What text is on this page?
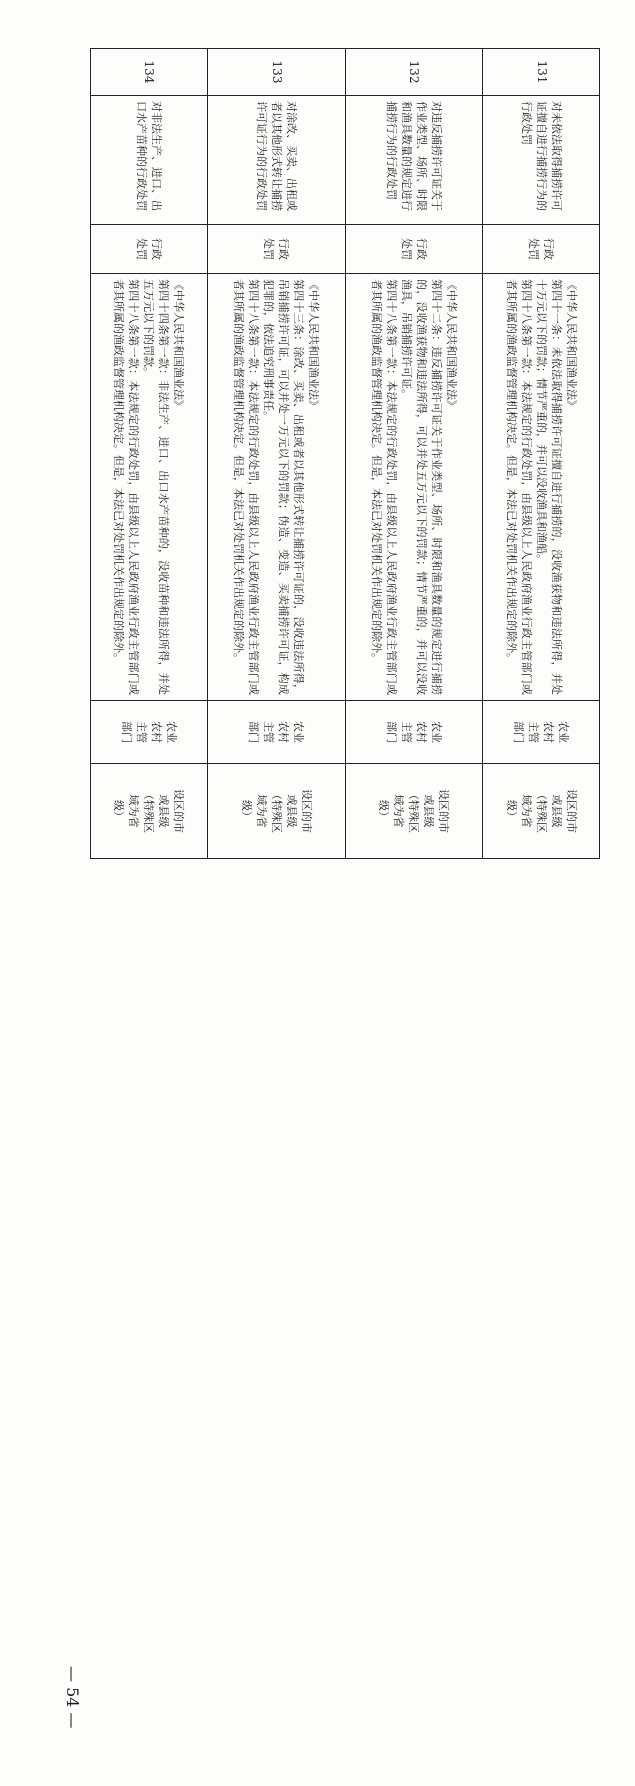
131	对未依法取得捕捞许可证擅自进行捕捞行为的行政处罚	行政
处罚	《中华人民共和国渔业法》
第四十一条：未依法取得捕捞许可证擅自进行捕捞的，没收渔获物和违法所得，并处十万元以下的罚款；情节严重的，并可以没收渔具和渔船。
第四十八条第一款：本法规定的行政处罚，由县级以上人民政府渔业行政主管部门或者其所属的渔政监督管理机构决定。但是，本法已对处罚机关作出规定的除外。	农业
农村
主管
部门	设区的市
或县级
（特殊区
域为省
级）

132	对违反捕捞许可证关于作业类型、场所、时限和渔具数量的规定进行捕捞行为的行政处罚	行政
处罚	《中华人民共和国渔业法》
第四十二条：违反捕捞许可证关于作业类型、场所、时限和渔具数量的规定进行捕捞的，没收渔获物和违法所得，可以并处五万元以下的罚款；情节严重的，并可以没收渔具，吊销捕捞许可证。
第四十八条第一款：本法规定的行政处罚，由县级以上人民政府渔业行政主管部门或者其所属的渔政监督管理机构决定。但是，本法已对处罚机关作出规定的除外。	农业
农村
主管
部门	设区的市
或县级
（特殊区
域为省
级）

133	对涂改、买卖、出租或者以其他形式转让捕捞许可证行为的行政处罚	行政
处罚	《中华人民共和国渔业法》
第四十三条：涂改、买卖、出租或者以其他形式转让捕捞许可证的，没收违法所得，吊销捕捞许可证，可以并处一万元以下的罚款；伪造、变造、买卖捕捞许可证，构成犯罪的，依法追究刑事责任。
第四十八条第一款：本法规定的行政处罚，由县级以上人民政府渔业行政主管部门或者其所属的渔政监督管理机构决定。但是，本法已对处罚机关作出规定的除外。	农业
农村
主管
部门	设区的市
或县级
（特殊区
域为省
级）

134	对非法生产、进口、出口水产苗种的行政处罚	行政
处罚	《中华人民共和国渔业法》
第四十四条第一款：非法生产、进口、出口水产苗种的，没收苗种和违法所得，并处五万元以下的罚款。
第四十八条第一款：本法规定的行政处罚，由县级以上人民政府渔业行政主管部门或者其所属的渔政监督管理机构决定。但是，本法已对处罚机关作出规定的除外。	农业
农村
主管
部门	设区的市
或县级
（特殊区
域为省
级）
— 54 —
